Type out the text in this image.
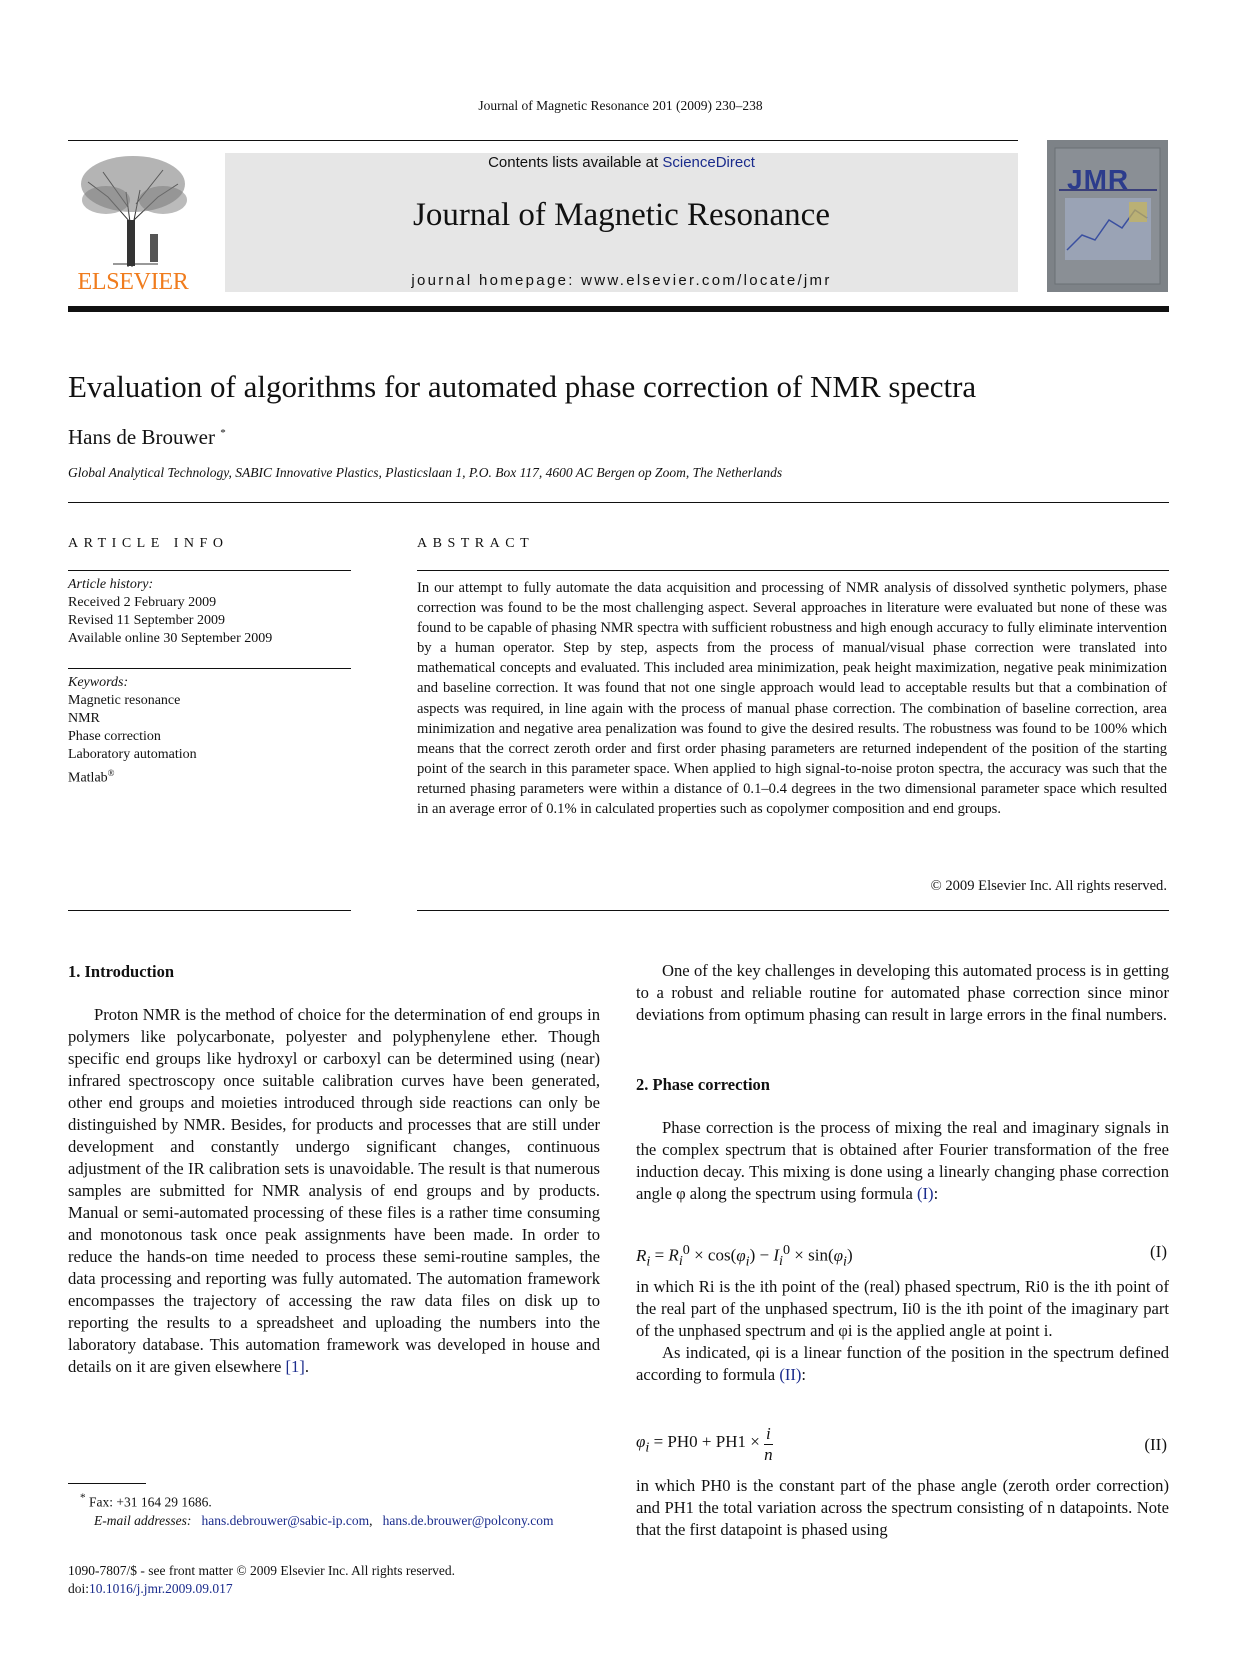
Journal of Magnetic Resonance 201 (2009) 230–238
ELSEVIER
Contents lists available at ScienceDirect
Journal of Magnetic Resonance
journal homepage: www.elsevier.com/locate/jmr
JMR
Evaluation of algorithms for automated phase correction of NMR spectra
Hans de Brouwer *
Global Analytical Technology, SABIC Innovative Plastics, Plasticslaan 1, P.O. Box 117, 4600 AC Bergen op Zoom, The Netherlands
ARTICLE INFO
Article history:
Received 2 February 2009
Revised 11 September 2009
Available online 30 September 2009
Keywords:
Magnetic resonance
NMR
Phase correction
Laboratory automation
Matlab®
ABSTRACT
In our attempt to fully automate the data acquisition and processing of NMR analysis of dissolved synthetic polymers, phase correction was found to be the most challenging aspect. Several approaches in literature were evaluated but none of these was found to be capable of phasing NMR spectra with sufficient robustness and high enough accuracy to fully eliminate intervention by a human operator. Step by step, aspects from the process of manual/visual phase correction were translated into mathematical concepts and evaluated. This included area minimization, peak height maximization, negative peak minimization and baseline correction. It was found that not one single approach would lead to acceptable results but that a combination of aspects was required, in line again with the process of manual phase correction. The combination of baseline correction, area minimization and negative area penalization was found to give the desired results. The robustness was found to be 100% which means that the correct zeroth order and first order phasing parameters are returned independent of the position of the starting point of the search in this parameter space. When applied to high signal-to-noise proton spectra, the accuracy was such that the returned phasing parameters were within a distance of 0.1–0.4 degrees in the two dimensional parameter space which resulted in an average error of 0.1% in calculated properties such as copolymer composition and end groups.
© 2009 Elsevier Inc. All rights reserved.
1. Introduction

Proton NMR is the method of choice for the determination of end groups in polymers like polycarbonate, polyester and polyphenylene ether. Though specific end groups like hydroxyl or carboxyl can be determined using (near) infrared spectroscopy once suitable calibration curves have been generated, other end groups and moieties introduced through side reactions can only be distinguished by NMR. Besides, for products and processes that are still under development and constantly undergo significant changes, continuous adjustment of the IR calibration sets is unavoidable. The result is that numerous samples are submitted for NMR analysis of end groups and by products. Manual or semi-automated processing of these files is a rather time consuming and monotonous task once peak assignments have been made. In order to reduce the hands-on time needed to process these semi-routine samples, the data processing and reporting was fully automated. The automation framework encompasses the trajectory of accessing the raw data files on disk up to reporting the results to a spreadsheet and uploading the numbers into the laboratory database. This automation framework was developed in house and details on it are given elsewhere [1].

* Fax: +31 164 29 1686.
E-mail addresses: hans.debrouwer@sabic-ip.com,   hans.de.brouwer@polcony.com
1090-7807/$ - see front matter © 2009 Elsevier Inc. All rights reserved.
doi:10.1016/j.jmr.2009.09.017

One of the key challenges in developing this automated process is in getting to a robust and reliable routine for automated phase correction since minor deviations from optimum phasing can result in large errors in the final numbers.

2. Phase correction

Phase correction is the process of mixing the real and imaginary signals in the complex spectrum that is obtained after Fourier transformation of the free induction decay. This mixing is done using a linearly changing phase correction angle φ along the spectrum using formula (I):

$R_i = R_i^0 \times \cos(\varphi_i) - I_i^0 \times \sin(\varphi_i)$	(I)

in which Ri is the ith point of the (real) phased spectrum, Ri0 is the ith point of the real part of the unphased spectrum, Ii0 is the ith point of the imaginary part of the unphased spectrum and φi is the applied angle at point i.

As indicated, φi is a linear function of the position in the spectrum defined according to formula (II):

$\varphi_i = PH0 + PH1 \times \frac{i}{n}$	(II)

in which PH0 is the constant part of the phase angle (zeroth order correction) and PH1 the total variation across the spectrum consisting of n datapoints. Note that the first datapoint is phased using
